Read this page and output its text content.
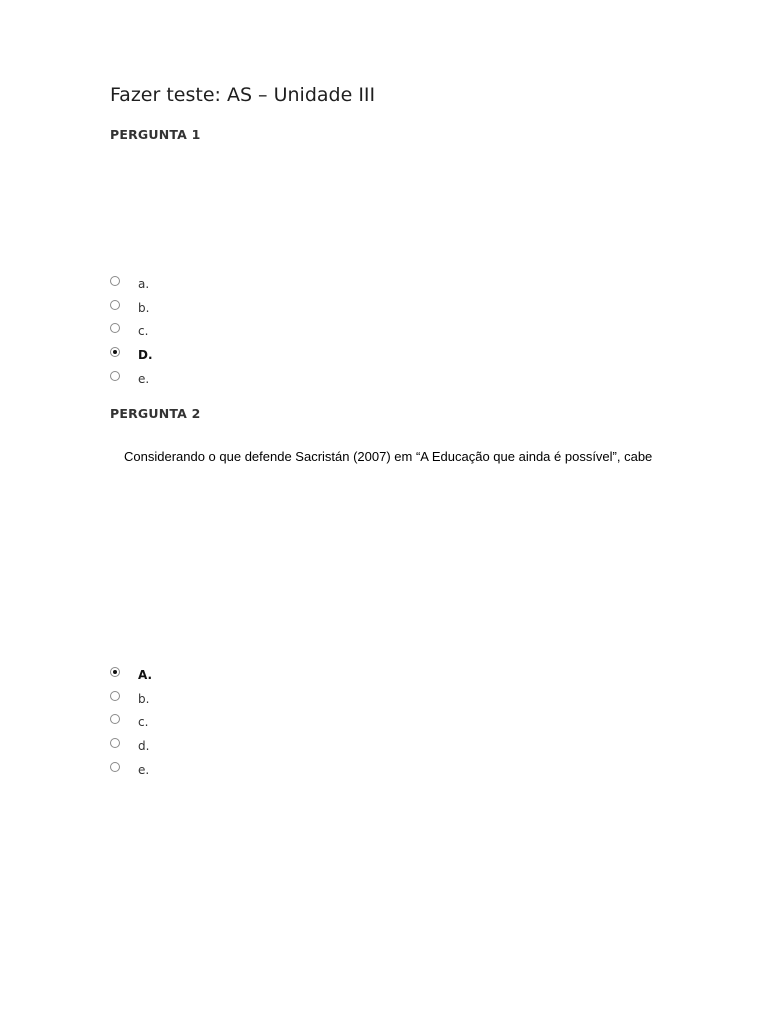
Fazer teste: AS – Unidade III
PERGUNTA 1
a.
b.
c.
D.
e.
PERGUNTA 2
Considerando o que defende Sacristán (2007) em “A Educação que ainda é possível”, cabe
A.
b.
c.
d.
e.
